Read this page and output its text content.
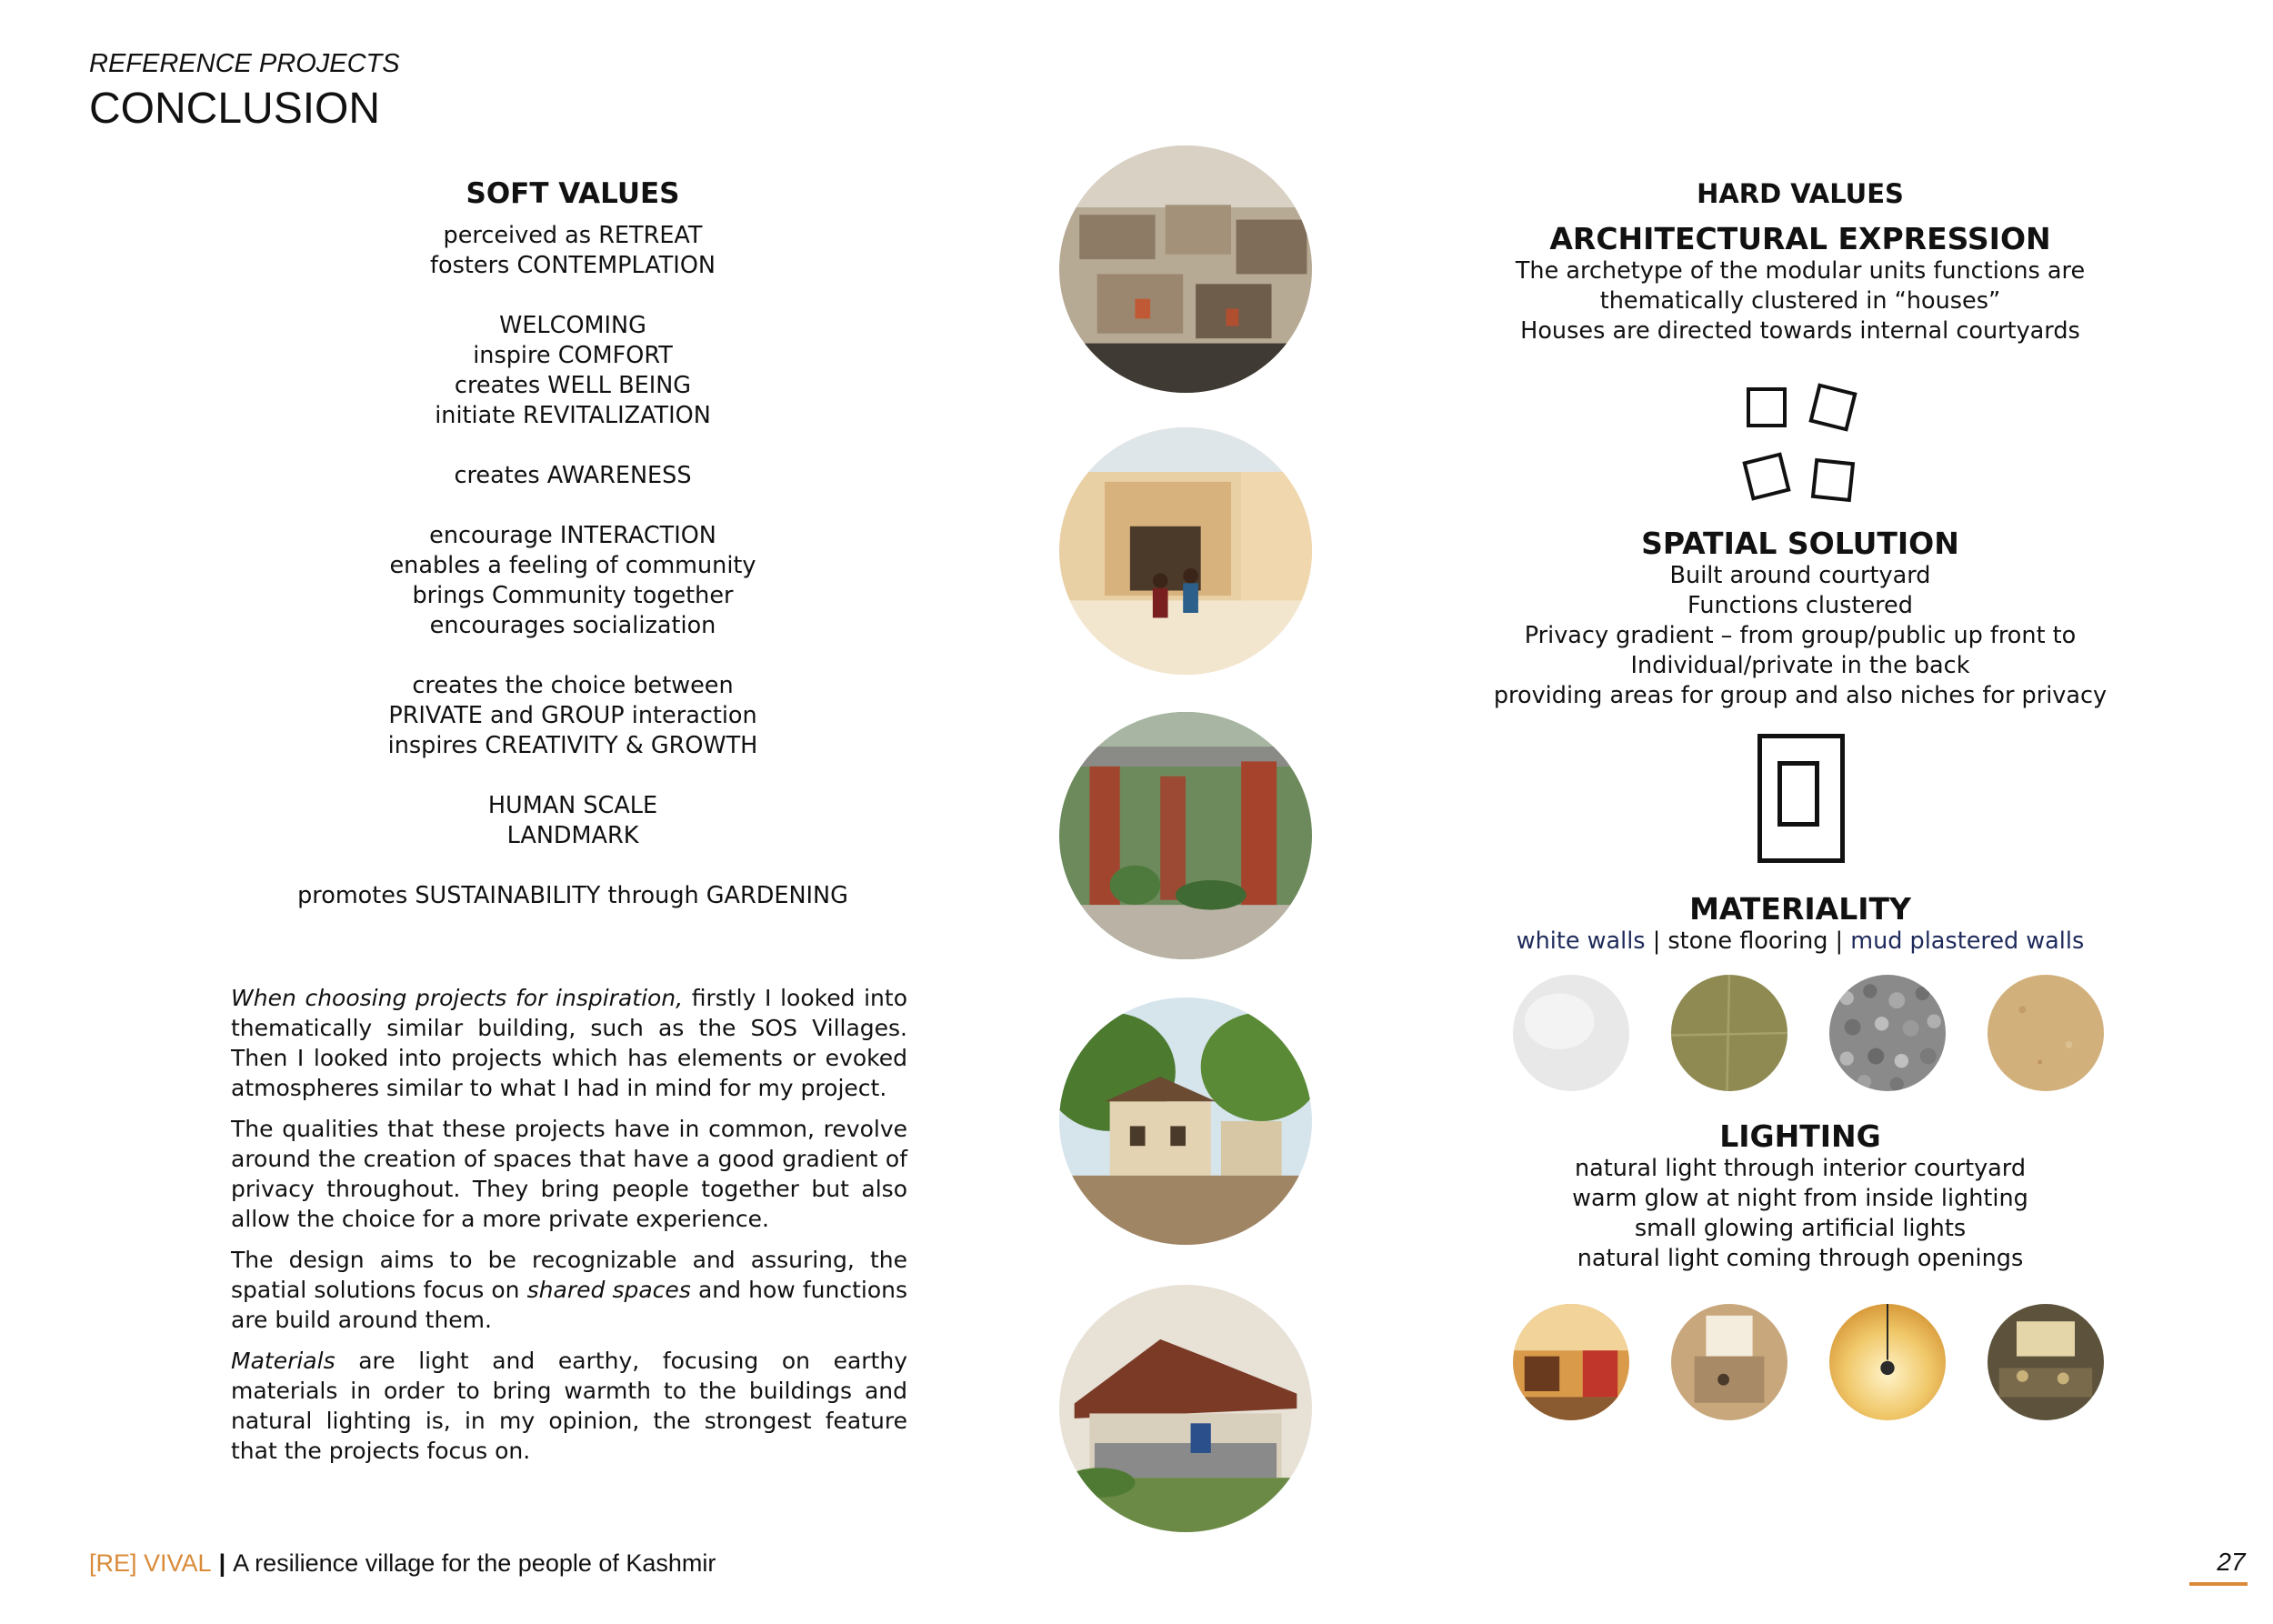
REFERENCE PROJECTS
CONCLUSION
SOFT VALUES
perceived as RETREAT
fosters CONTEMPLATION
WELCOMING
inspire COMFORT
creates WELL BEING
initiate REVITALIZATION
creates AWARENESS
encourage INTERACTION
enables a feeling of community
brings Community together
encourages socialization
creates the choice between
PRIVATE and GROUP interaction
inspires CREATIVITY & GROWTH
HUMAN SCALE
LANDMARK
promotes SUSTAINABILITY through GARDENING

When choosing projects for inspiration, firstly I looked into thematically similar building, such as the SOS Villages. Then I looked into projects which has elements or evoked atmospheres similar to what I had in mind for my project.

The qualities that these projects have in common, revolve around the creation of spaces that have a good gradient of privacy throughout. They bring people together but also allow the choice for a more private experience.

The design aims to be recognizable and assuring, the spatial solutions focus on shared spaces and how functions are build around them.

Materials are light and earthy, focusing on earthy materials in order to bring warmth to the buildings and natural lighting is, in my opinion, the strongest feature that the projects focus on.

HARD VALUES
ARCHITECTURAL EXPRESSION
The archetype of the modular units functions are
thematically clustered in “houses”
Houses are directed towards internal courtyards
SPATIAL SOLUTION
Built around courtyard
Functions clustered
Privacy gradient – from group/public up front to
Individual/private in the back
providing areas for group and also niches for privacy
MATERIALITY
white walls | stone flooring | mud plastered walls
LIGHTING
natural light through interior courtyard
warm glow at night from inside lighting
small glowing artificial lights
natural light coming through openings
[RE] VIVAL | A resilience village for the people of Kashmir	27
